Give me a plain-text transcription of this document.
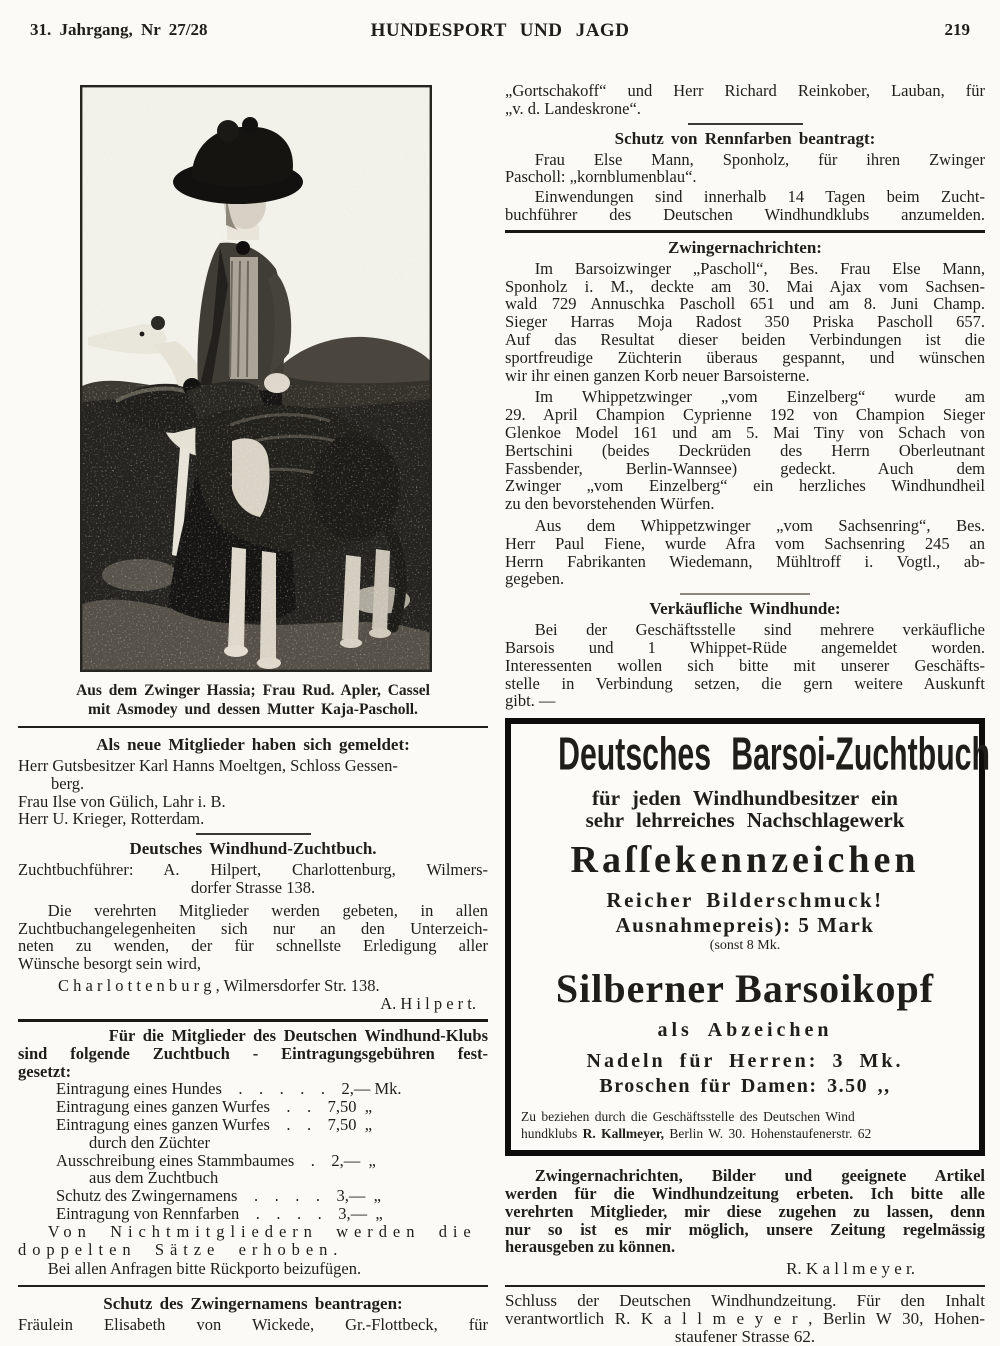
31. Jahrgang, Nr 27/28	HUNDESPORT UND JAGD	219
Aus dem Zwinger Hassia; Frau Rud. Apler, Cassel
mit Asmodey und dessen Mutter Kaja-Pascholl.
Als neue Mitglieder haben sich gemeldet:
Herr Gutsbesitzer Karl Hanns Moeltgen, Schloss Gessen-
  berg.
Frau Ilse von Gülich, Lahr i. B.
Herr U. Krieger, Rotterdam.
Deutsches Windhund-Zuchtbuch.
Zuchtbuchführer: A. Hilpert, Charlottenburg, Wilmers-
dorfer Strasse 138.
Die verehrten Mitglieder werden gebeten, in allen
Zuchtbuchangelegenheiten sich nur an den Unterzeich-
neten zu wenden, der für schnellste Erledigung aller
Wünsche besorgt sein wird,
C h a r l o t t e n b u r g , Wilmersdorfer Str. 138.
A. H i l p e r t.
Für die Mitglieder des Deutschen Windhund-Klubs
sind folgende Zuchtbuch - Eintragungsgebühren fest-
gesetzt:
Eintragung eines Hundes  .  .  .  .  .  2,— Mk.
Eintragung eines ganzen Wurfes  .  .  7,50 „
Eintragung eines ganzen Wurfes  .  .  7,50 „
  durch den Züchter
Ausschreibung eines Stammbaumes  .  2,— „
  aus dem Zuchtbuch
Schutz des Zwingernamens  .  .  .  .  3,— „
Eintragung von Rennfarben  .  .  .  .  3,— „
Von Nichtmitgliedern werden die
doppelten Sätze erhoben.
Bei allen Anfragen bitte Rückporto beizufügen.
Schutz des Zwingernamens beantragen:
Fräulein Elisabeth von Wickede, Gr.-Flottbeck, für
„Gortschakoff“ und Herr Richard Reinkober, Lauban, für
„v. d. Landeskrone“.
Schutz von Rennfarben beantragt:
Frau Else Mann, Sponholz, für ihren Zwinger
Pascholl: „kornblumenblau“.
Einwendungen sind innerhalb 14 Tagen beim Zucht-
buchführer des Deutschen Windhundklubs anzumelden.
Zwingernachrichten:
Im Barsoizwinger „Pascholl“, Bes. Frau Else Mann,
Sponholz i. M., deckte am 30. Mai Ajax vom Sachsen-
wald 729 Annuschka Pascholl 651 und am 8. Juni Champ.
Sieger Harras Moja Radost 350 Priska Pascholl 657.
Auf das Resultat dieser beiden Verbindungen ist die
sportfreudige Züchterin überaus gespannt, und wünschen
wir ihr einen ganzen Korb neuer Barsoisterne.
Im Whippetzwinger „vom Einzelberg“ wurde am
29. April Champion Cyprienne 192 von Champion Sieger
Glenkoe Model 161 und am 5. Mai Tiny von Schach von
Bertschini (beides Deckrüden des Herrn Oberleutnant
Fassbender, Berlin-Wannsee) gedeckt. Auch dem
Zwinger „vom Einzelberg“ ein herzliches Windhundheil
zu den bevorstehenden Würfen.
Aus dem Whippetzwinger „vom Sachsenring“, Bes.
Herr Paul Fiene, wurde Afra vom Sachsenring 245 an
Herrn Fabrikanten Wiedemann, Mühltroff i. Vogtl., ab-
gegeben.
Verkäufliche Windhunde:
Bei der Geschäftsstelle sind mehrere verkäufliche
Barsois und 1 Whippet-Rüde angemeldet worden.
Interessenten wollen sich bitte mit unserer Geschäfts-
stelle in Verbindung setzen, die gern weitere Auskunft
gibt. —
Deutsches Barsoi-Zuchtbuch
für jeden Windhundbesitzer ein
sehr lehrreiches Nachschlagewerk
Raſſekennzeichen
Reicher Bilderschmuck!
Ausnahmepreis): 5 Mark
(sonst 8 Mk.
Silberner Barsoikopf
als Abzeichen
Nadeln für Herren: 3 Mk.
Broschen für Damen: 3.50 ,,
Zu beziehen durch die Geschäftsstelle des Deutschen Wind
hundklubs R. Kallmeyer, Berlin W. 30. Hohenstaufenerstr. 62
Zwingernachrichten, Bilder und geeignete Artikel
werden für die Windhundzeitung erbeten. Ich bitte alle
verehrten Mitglieder, mir diese zugehen zu lassen, denn
nur so ist es mir möglich, unsere Zeitung regelmässig
herausgeben zu können.
R. K a l l m e y e r.
Schluss der Deutschen Windhundzeitung. Für den Inhalt
verantwortlich R. K a l l m e y e r , Berlin W 30, Hohen-
staufener Strasse 62.
